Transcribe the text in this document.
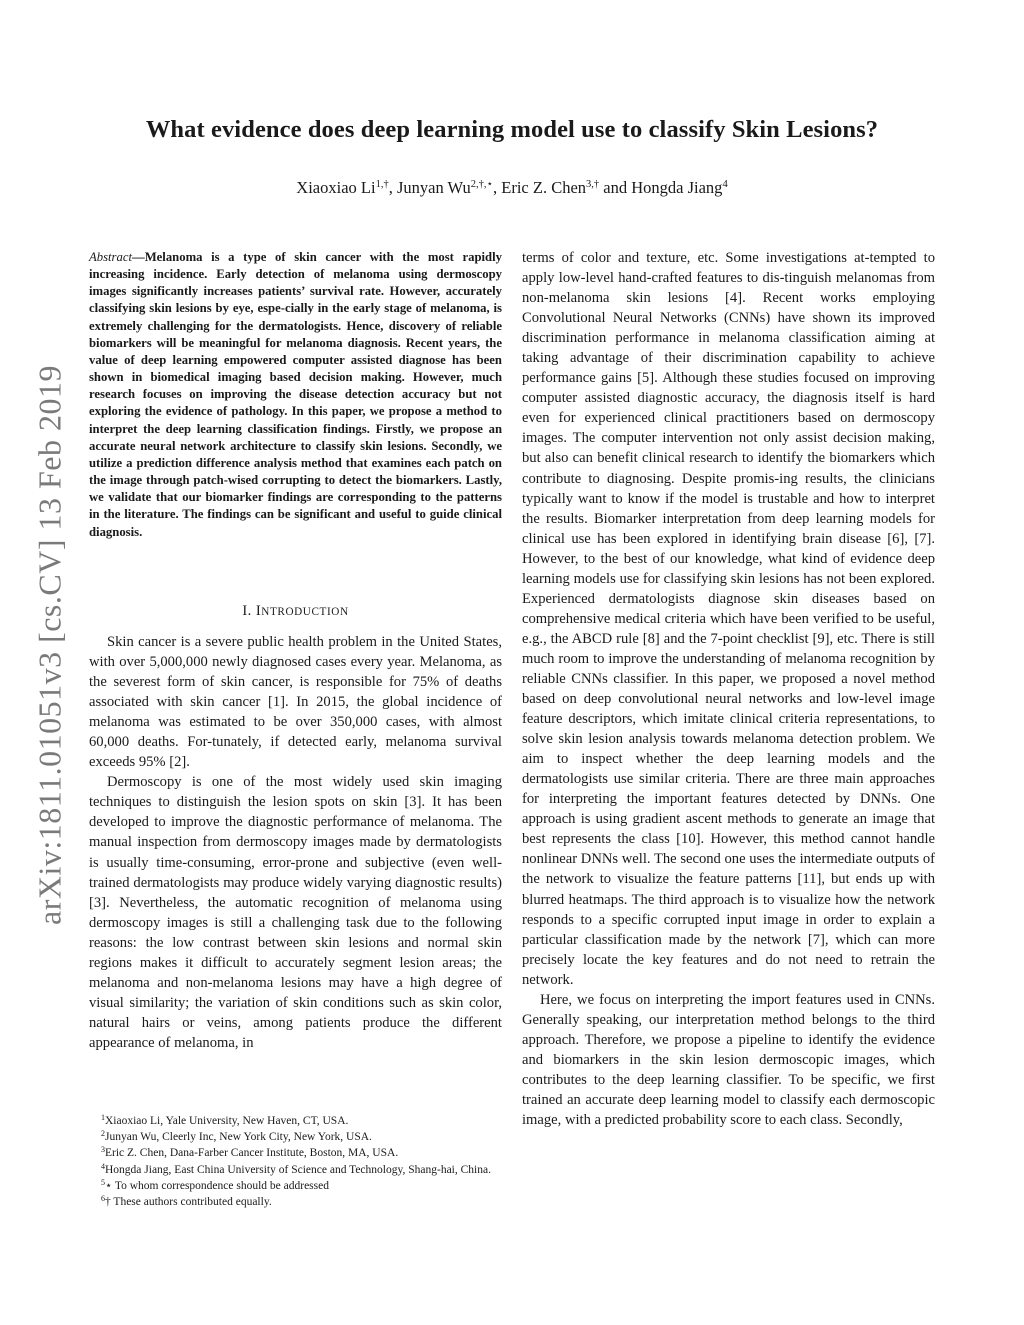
arXiv:1811.01051v3 [cs.CV] 13 Feb 2019
What evidence does deep learning model use to classify Skin Lesions?
Xiaoxiao $Li^{1,\dagger}$, Junyan $Wu^{2,\dagger,⋆}$, Eric Z. Chen$^{3,\dagger}$ and Hongda Jiang$^4$
Abstract—Melanoma is a type of skin cancer with the most rapidly increasing incidence. Early detection of melanoma using dermoscopy images significantly increases patients’ survival rate. However, accurately classifying skin lesions by eye, espe-cially in the early stage of melanoma, is extremely challenging for the dermatologists. Hence, discovery of reliable biomarkers will be meaningful for melanoma diagnosis. Recent years, the value of deep learning empowered computer assisted diagnose has been shown in biomedical imaging based decision making. However, much research focuses on improving the disease detection accuracy but not exploring the evidence of pathology. In this paper, we propose a method to interpret the deep learning classification findings. Firstly, we propose an accurate neural network architecture to classify skin lesions. Secondly, we utilize a prediction difference analysis method that examines each patch on the image through patch-wised corrupting to detect the biomarkers. Lastly, we validate that our biomarker findings are corresponding to the patterns in the literature. The findings can be significant and useful to guide clinical diagnosis.
I. INTRODUCTION

Skin cancer is a severe public health problem in the United States, with over 5,000,000 newly diagnosed cases every year. Melanoma, as the severest form of skin cancer, is responsible for 75% of deaths associated with skin cancer [1]. In 2015, the global incidence of melanoma was estimated to be over 350,000 cases, with almost 60,000 deaths. For-tunately, if detected early, melanoma survival exceeds 95% [2].

Dermoscopy is one of the most widely used skin imaging techniques to distinguish the lesion spots on skin [3]. It has been developed to improve the diagnostic performance of melanoma. The manual inspection from dermoscopy images made by dermatologists is usually time-consuming, error-prone and subjective (even well-trained dermatologists may produce widely varying diagnostic results)[3]. Nevertheless, the automatic recognition of melanoma using dermoscopy images is still a challenging task due to the following reasons: the low contrast between skin lesions and normal skin regions makes it difficult to accurately segment lesion areas; the melanoma and non-melanoma lesions may have a high degree of visual similarity; the variation of skin conditions such as skin color, natural hairs or veins, among patients produce the different appearance of melanoma, in

terms of color and texture, etc. Some investigations at-tempted to apply low-level hand-crafted features to dis-tinguish melanomas from non-melanoma skin lesions [4]. Recent works employing Convolutional Neural Networks (CNNs) have shown its improved discrimination performance in melanoma classification aiming at taking advantage of their discrimination capability to achieve performance gains [5]. Although these studies focused on improving computer assisted diagnostic accuracy, the diagnosis itself is hard even for experienced clinical practitioners based on dermoscopy images. The computer intervention not only assist decision making, but also can benefit clinical research to identify the biomarkers which contribute to diagnosing. Despite promis-ing results, the clinicians typically want to know if the model is trustable and how to interpret the results. Biomarker interpretation from deep learning models for clinical use has been explored in identifying brain disease [6], [7]. However, to the best of our knowledge, what kind of evidence deep learning models use for classifying skin lesions has not been explored. Experienced dermatologists diagnose skin diseases based on comprehensive medical criteria which have been verified to be useful, e.g., the ABCD rule [8] and the 7-point checklist [9], etc. There is still much room to improve the understanding of melanoma recognition by reliable CNNs classifier. In this paper, we proposed a novel method based on deep convolutional neural networks and low-level image feature descriptors, which imitate clinical criteria representations, to solve skin lesion analysis towards melanoma detection problem. We aim to inspect whether the deep learning models and the dermatologists use similar criteria. There are three main approaches for interpreting the important features detected by DNNs. One approach is using gradient ascent methods to generate an image that best represents the class [10]. However, this method cannot handle nonlinear DNNs well. The second one uses the intermediate outputs of the network to visualize the feature patterns [11], but ends up with blurred heatmaps. The third approach is to visualize how the network responds to a specific corrupted input image in order to explain a particular classification made by the network [7], which can more precisely locate the key features and do not need to retrain the network.

Here, we focus on interpreting the import features used in CNNs. Generally speaking, our interpretation method belongs to the third approach. Therefore, we propose a pipeline to identify the evidence and biomarkers in the skin lesion dermoscopic images, which contributes to the deep learning classifier. To be specific, we first trained an accurate deep learning model to classify each dermoscopic image, with a predicted probability score to each class. Secondly,

$^1$Xiaoxiao Li, Yale University, New Haven, CT, USA.

$^2$Junyan Wu, Cleerly Inc, New York City, New York, USA.

$^3$Eric Z. Chen, Dana-Farber Cancer Institute, Boston, MA, USA.

$^4$Hongda Jiang, East China University of Science and Technology, Shang-hai, China.

$^5$⋆ To whom correspondence should be addressed

$^6$† These authors contributed equally.
